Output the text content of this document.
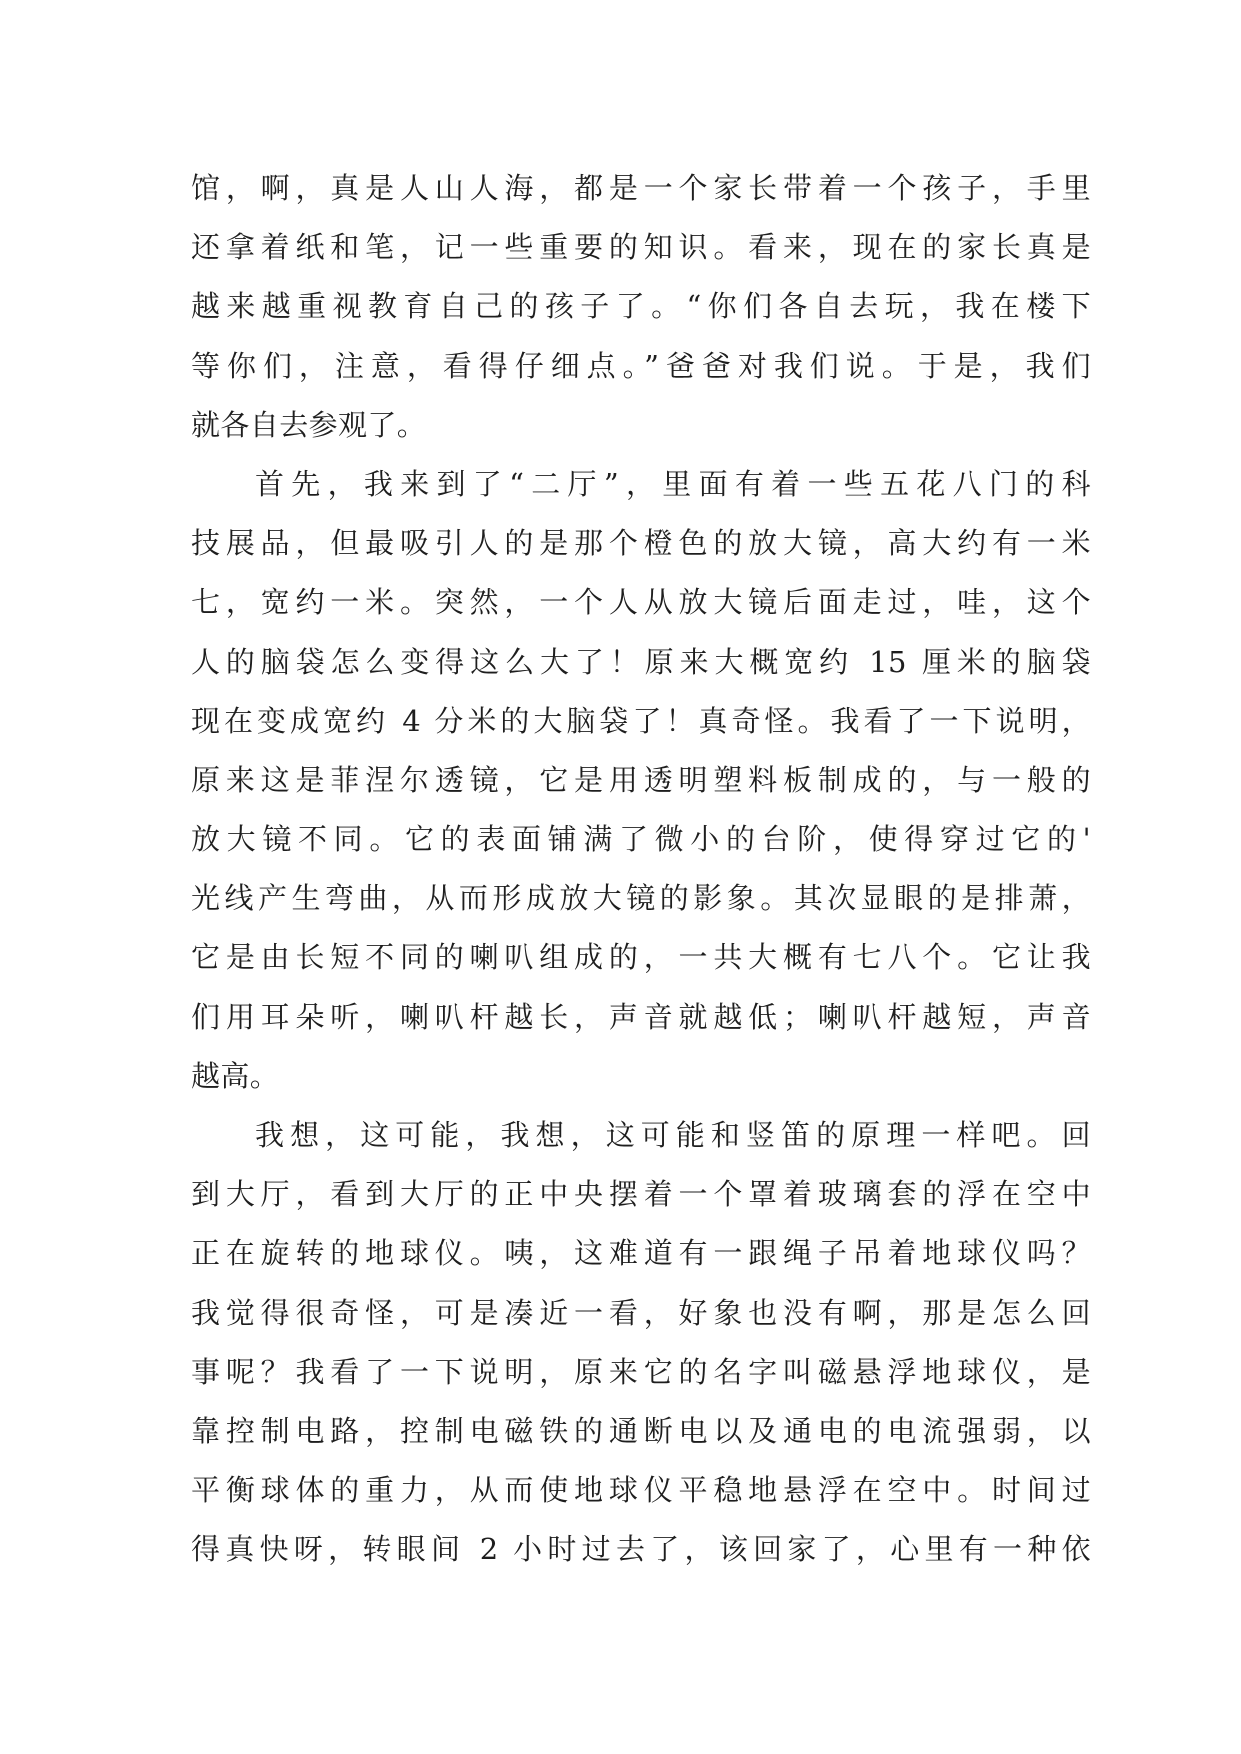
馆，啊，真是人山人海，都是一个家长带着一个孩子，手里
还拿着纸和笔，记一些重要的知识。看来，现在的家长真是
越来越重视教育自己的孩子了。“你们各自去玩，我在楼下
等你们，注意，看得仔细点。”爸爸对我们说。于是，我们
就各自去参观了。
首先，我来到了“二厅”，里面有着一些五花八门的科
技展品，但最吸引人的是那个橙色的放大镜，高大约有一米
七，宽约一米。突然，一个人从放大镜后面走过，哇，这个
人的脑袋怎么变得这么大了！原来大概宽约 15 厘米的脑袋
现在变成宽约 4 分米的大脑袋了！真奇怪。我看了一下说明，
原来这是菲涅尔透镜，它是用透明塑料板制成的，与一般的
放大镜不同。它的表面铺满了微小的台阶，使得穿过它的'
光线产生弯曲，从而形成放大镜的影象。其次显眼的是排萧，
它是由长短不同的喇叭组成的，一共大概有七八个。它让我
们用耳朵听，喇叭杆越长，声音就越低；喇叭杆越短，声音
越高。
我想，这可能，我想，这可能和竖笛的原理一样吧。回
到大厅，看到大厅的正中央摆着一个罩着玻璃套的浮在空中
正在旋转的地球仪。咦，这难道有一跟绳子吊着地球仪吗？
我觉得很奇怪，可是凑近一看，好象也没有啊，那是怎么回
事呢？我看了一下说明，原来它的名字叫磁悬浮地球仪，是
靠控制电路，控制电磁铁的通断电以及通电的电流强弱，以
平衡球体的重力，从而使地球仪平稳地悬浮在空中。时间过
得真快呀，转眼间 2 小时过去了，该回家了，心里有一种依
